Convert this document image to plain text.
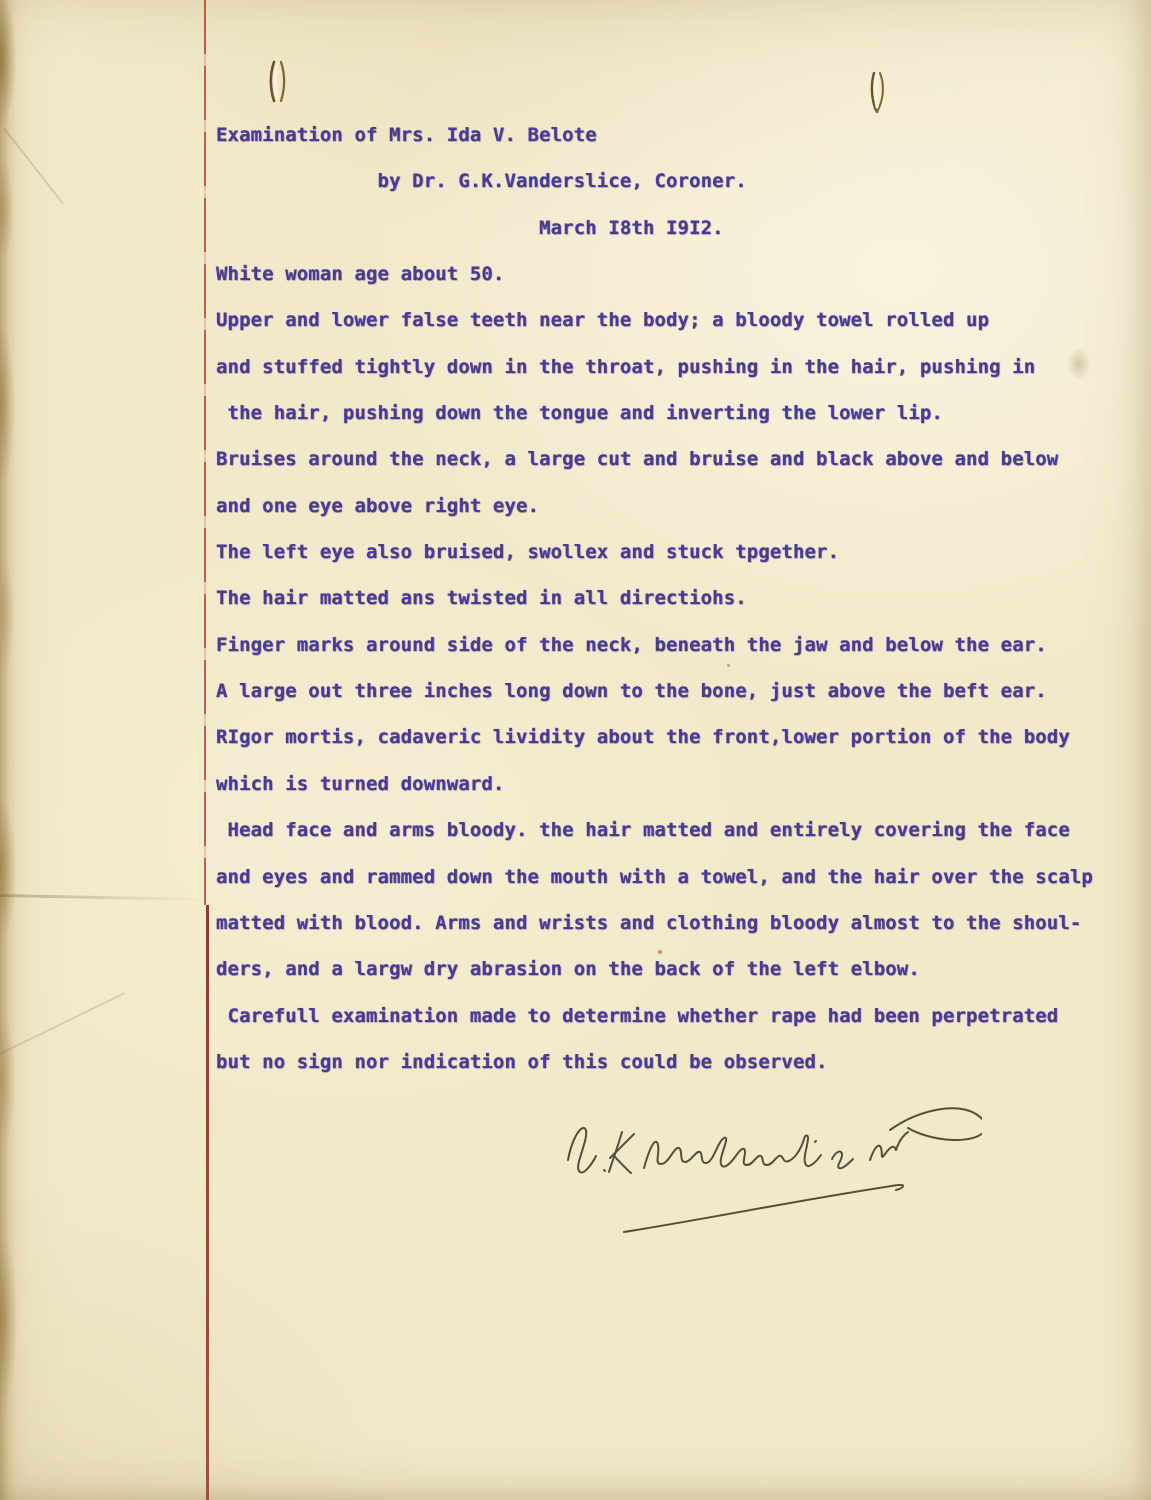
Examination of Mrs. Ida V. Belote
by Dr. G.K.Vanderslice, Coroner.
March I8th I9I2.
White woman age about 50.
Upper and lower false teeth near the body; a bloody towel rolled up
and stuffed tightly down in the throat, pushing in the hair, pushing in
the hair, pushing down the tongue and inverting the lower lip.
Bruises around the neck, a large cut and bruise and black above and below
and one eye above right eye.
The left eye also bruised, swollex and stuck tpgether.
The hair matted ans twisted in all directiohs.
Finger marks around side of the neck, beneath the jaw and below the ear.
A large out three inches long down to the bone, just above the beft ear.
RIgor mortis, cadaveric lividity about the front,lower portion of the body
which is turned downward.
Head face and arms bloody. the hair matted and entirely covering the face
and eyes and rammed down the mouth with a towel, and the hair over the scalp
matted with blood. Arms and wrists and clothing bloody almost to the shoul-
ders, and a largw dry abrasion on the back of the left elbow.
Carefull examination made to determine whether rape had been perpetrated
but no sign nor indication of this could be observed.
